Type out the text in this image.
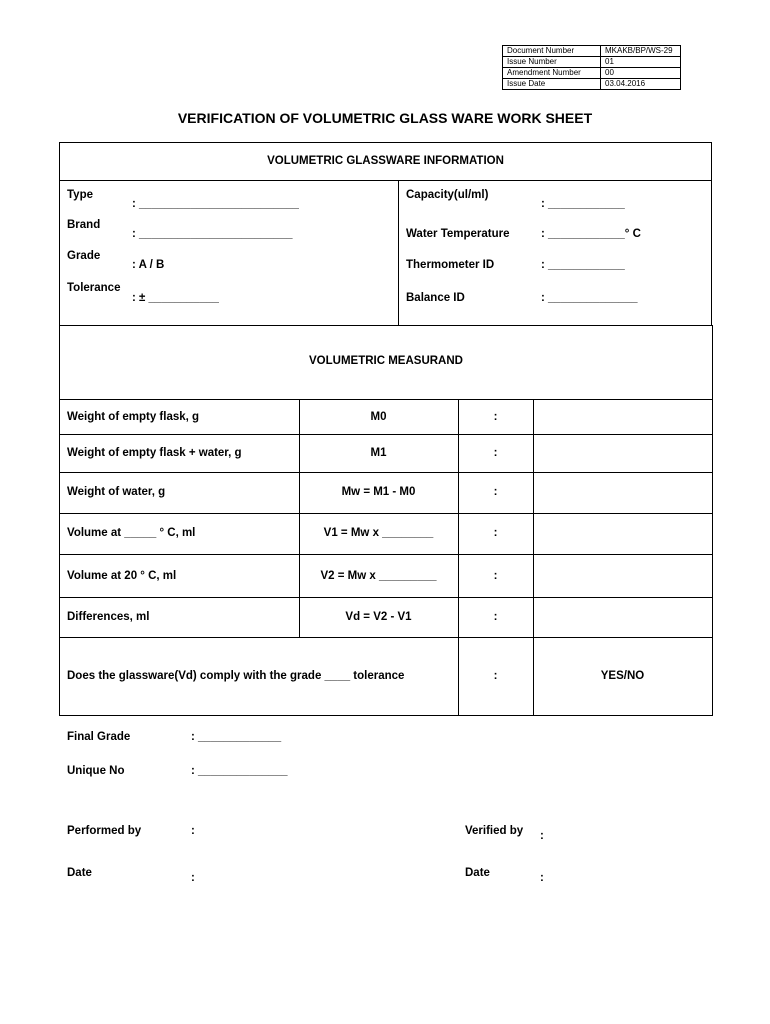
Document Number	MKAKB/BP/WS-29
Issue Number	01
Amendment Number	00
Issue Date	03.04.2016
VERIFICATION OF VOLUMETRIC GLASS WARE WORK SHEET
VOLUMETRIC GLASSWARE INFORMATION
Type
: _________________________
Brand
: ________________________
Grade
: A / B
Tolerance
: ± ___________
Capacity(ul/ml)
: ____________
Water Temperature	: ____________° C
Thermometer ID	: ____________
Balance ID	: ______________
VOLUMETRIC MEASURAND
Weight of empty flask, g	M0	:
Weight of empty flask + water, g	M1	:
Weight of water, g	Mw = M1 - M0	:
Volume at _____ ° C, ml	V1 = Mw x ________	:
Volume at 20 ° C, ml	V2 = Mw x _________	:
Differences, ml	Vd = V2 - V1	:
Does the glassware(Vd) comply with the grade ____ tolerance	:	YES/NO
Final Grade	: _____________
Unique No	: ______________
Performed by	:	Verified by :
Date	:	Date	:
